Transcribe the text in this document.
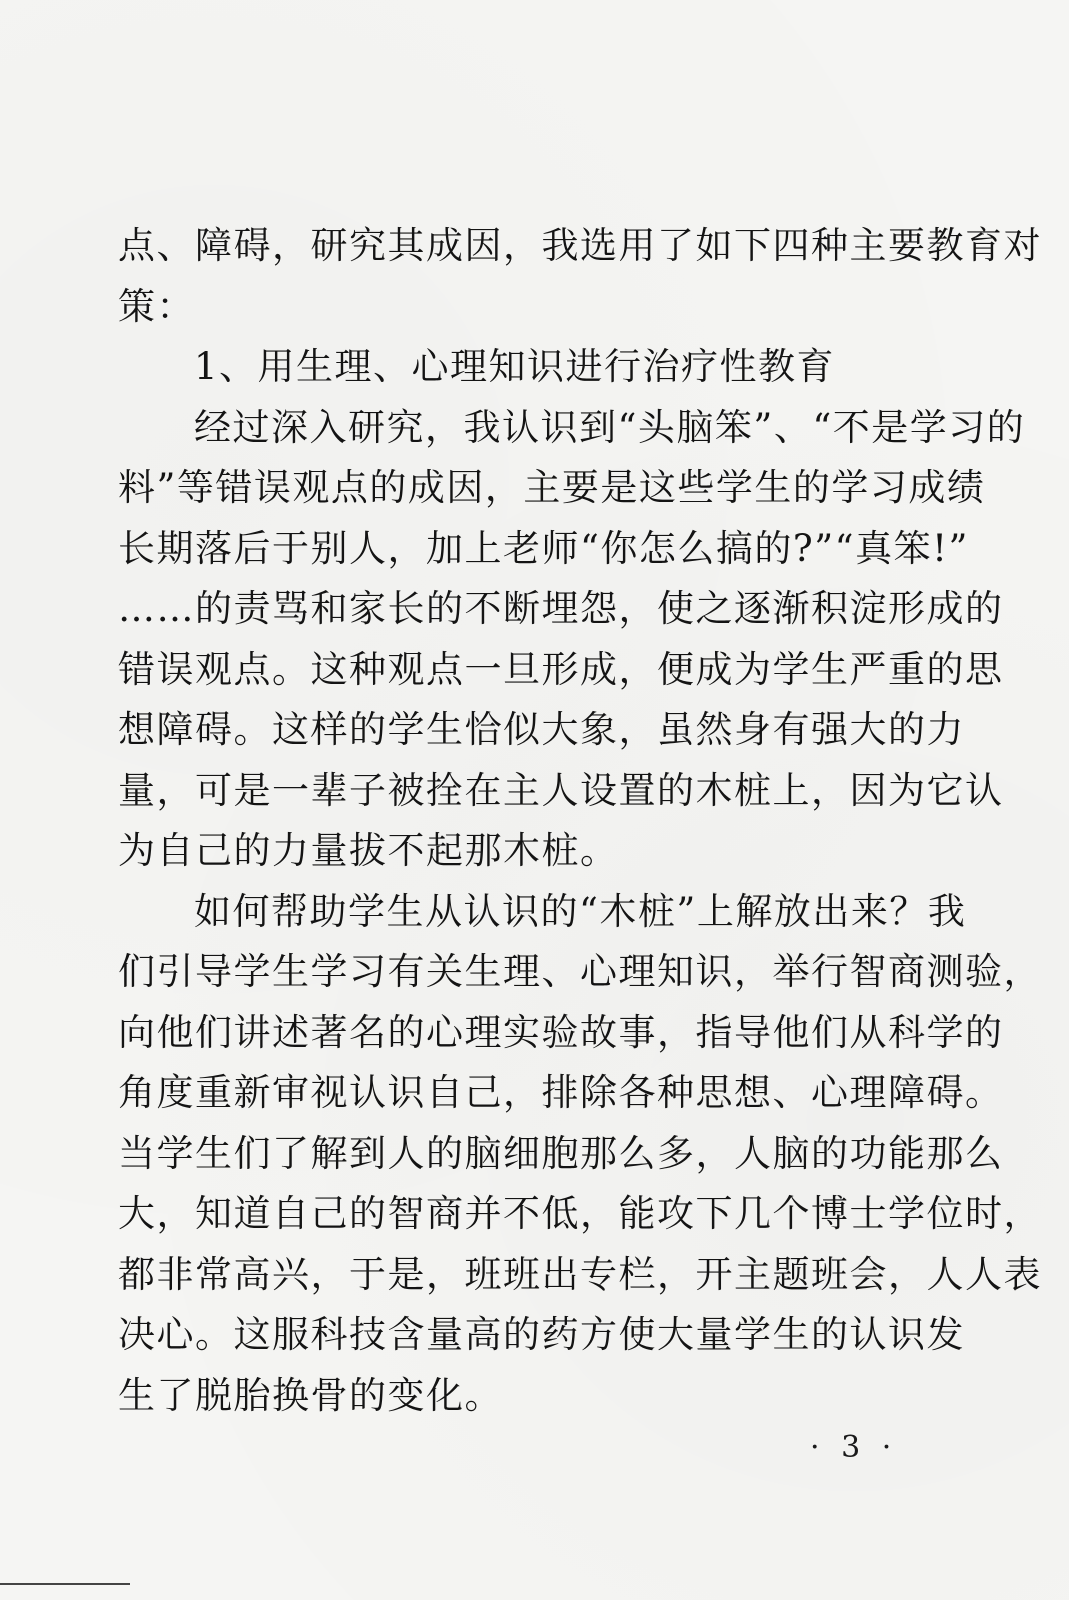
点、障碍，研究其成因，我选用了如下四种主要教育对
策：
1、用生理、心理知识进行治疗性教育
经过深入研究，我认识到“头脑笨”、“不是学习的
料”等错误观点的成因，主要是这些学生的学习成绩
长期落后于别人，加上老师“你怎么搞的?”“真笨!”
……的责骂和家长的不断埋怨，使之逐渐积淀形成的
错误观点。这种观点一旦形成，便成为学生严重的思
想障碍。这样的学生恰似大象，虽然身有强大的力
量，可是一辈子被拴在主人设置的木桩上，因为它认
为自己的力量拔不起那木桩。
如何帮助学生从认识的“木桩”上解放出来？我
们引导学生学习有关生理、心理知识，举行智商测验，
向他们讲述著名的心理实验故事，指导他们从科学的
角度重新审视认识自己，排除各种思想、心理障碍。
当学生们了解到人的脑细胞那么多，人脑的功能那么
大，知道自己的智商并不低，能攻下几个博士学位时，
都非常高兴，于是，班班出专栏，开主题班会，人人表
决心。这服科技含量高的药方使大量学生的认识发
生了脱胎换骨的变化。
· 3 ·
